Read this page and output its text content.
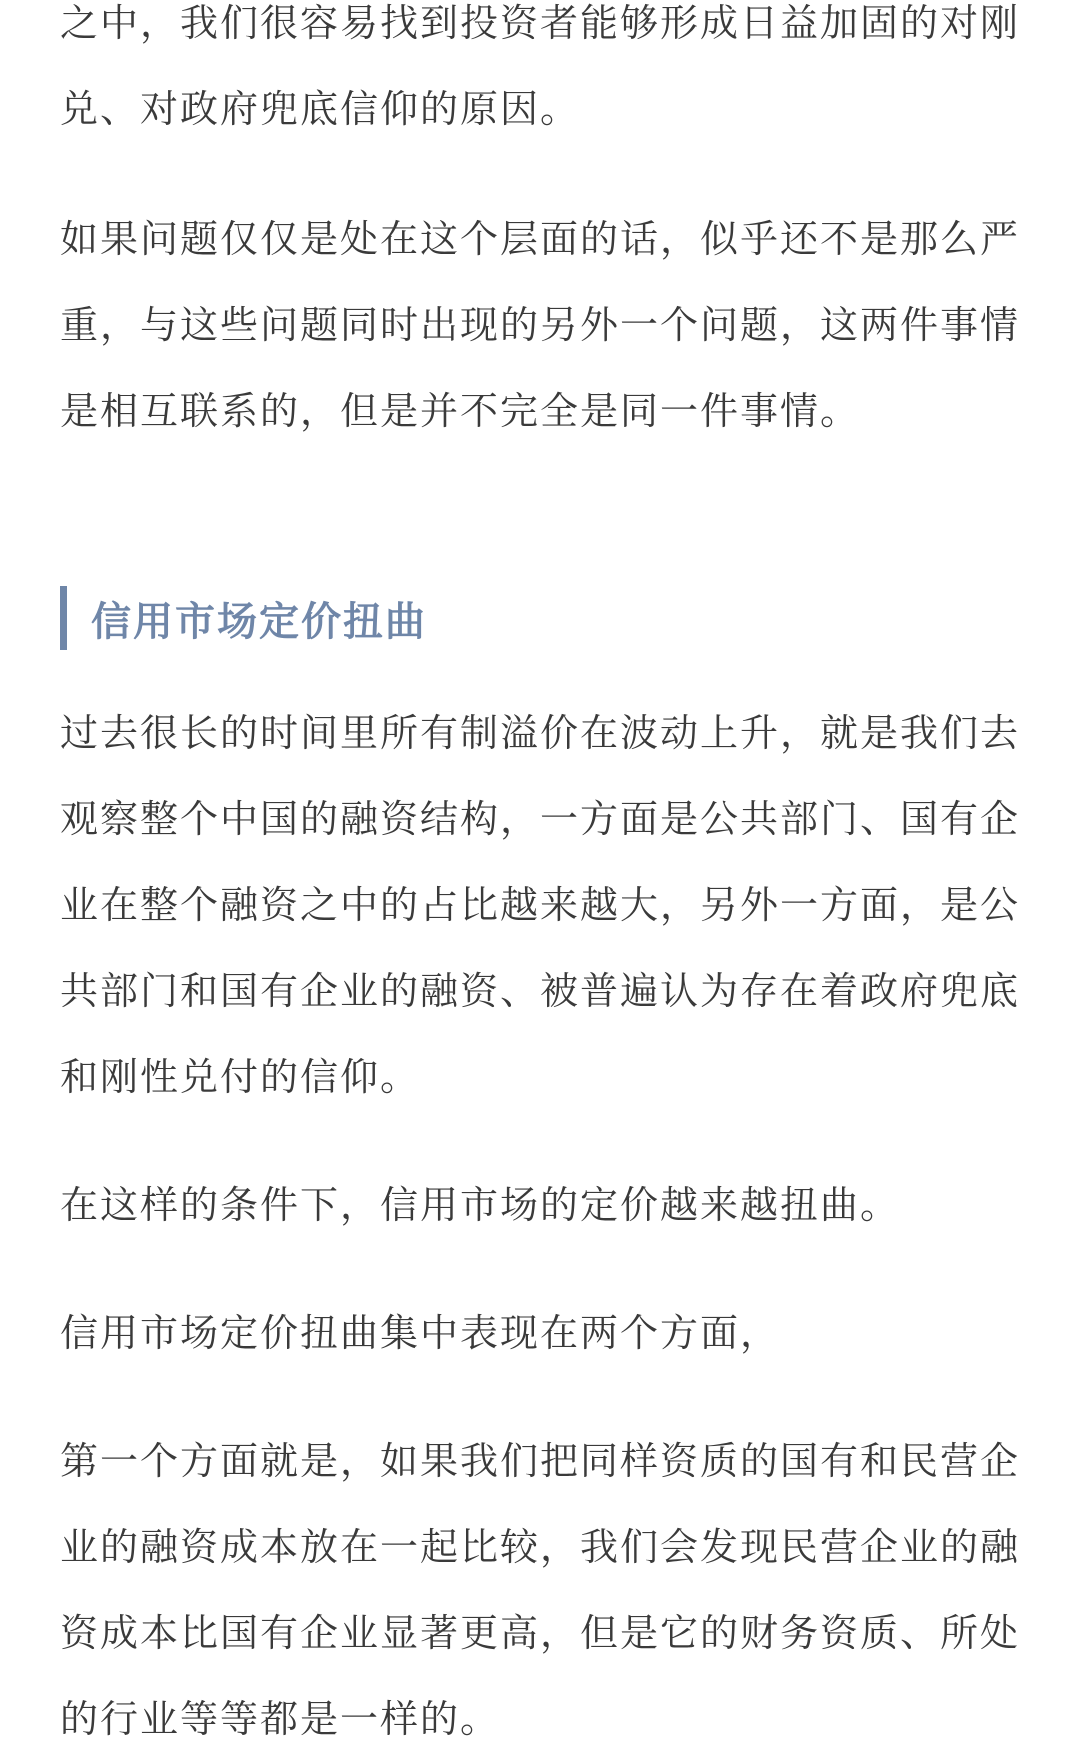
之中，我们很容易找到投资者能够形成日益加固的对刚兑、对政府兜底信仰的原因。

如果问题仅仅是处在这个层面的话，似乎还不是那么严重，与这些问题同时出现的另外一个问题，这两件事情是相互联系的，但是并不完全是同一件事情。

信用市场定价扭曲

过去很长的时间里所有制溢价在波动上升，就是我们去观察整个中国的融资结构，一方面是公共部门、国有企业在整个融资之中的占比越来越大，另外一方面，是公共部门和国有企业的融资、被普遍认为存在着政府兜底和刚性兑付的信仰。

在这样的条件下，信用市场的定价越来越扭曲。

信用市场定价扭曲集中表现在两个方面，

第一个方面就是，如果我们把同样资质的国有和民营企业的融资成本放在一起比较，我们会发现民营企业的融资成本比国有企业显著更高，但是它的财务资质、所处的行业等等都是一样的。
